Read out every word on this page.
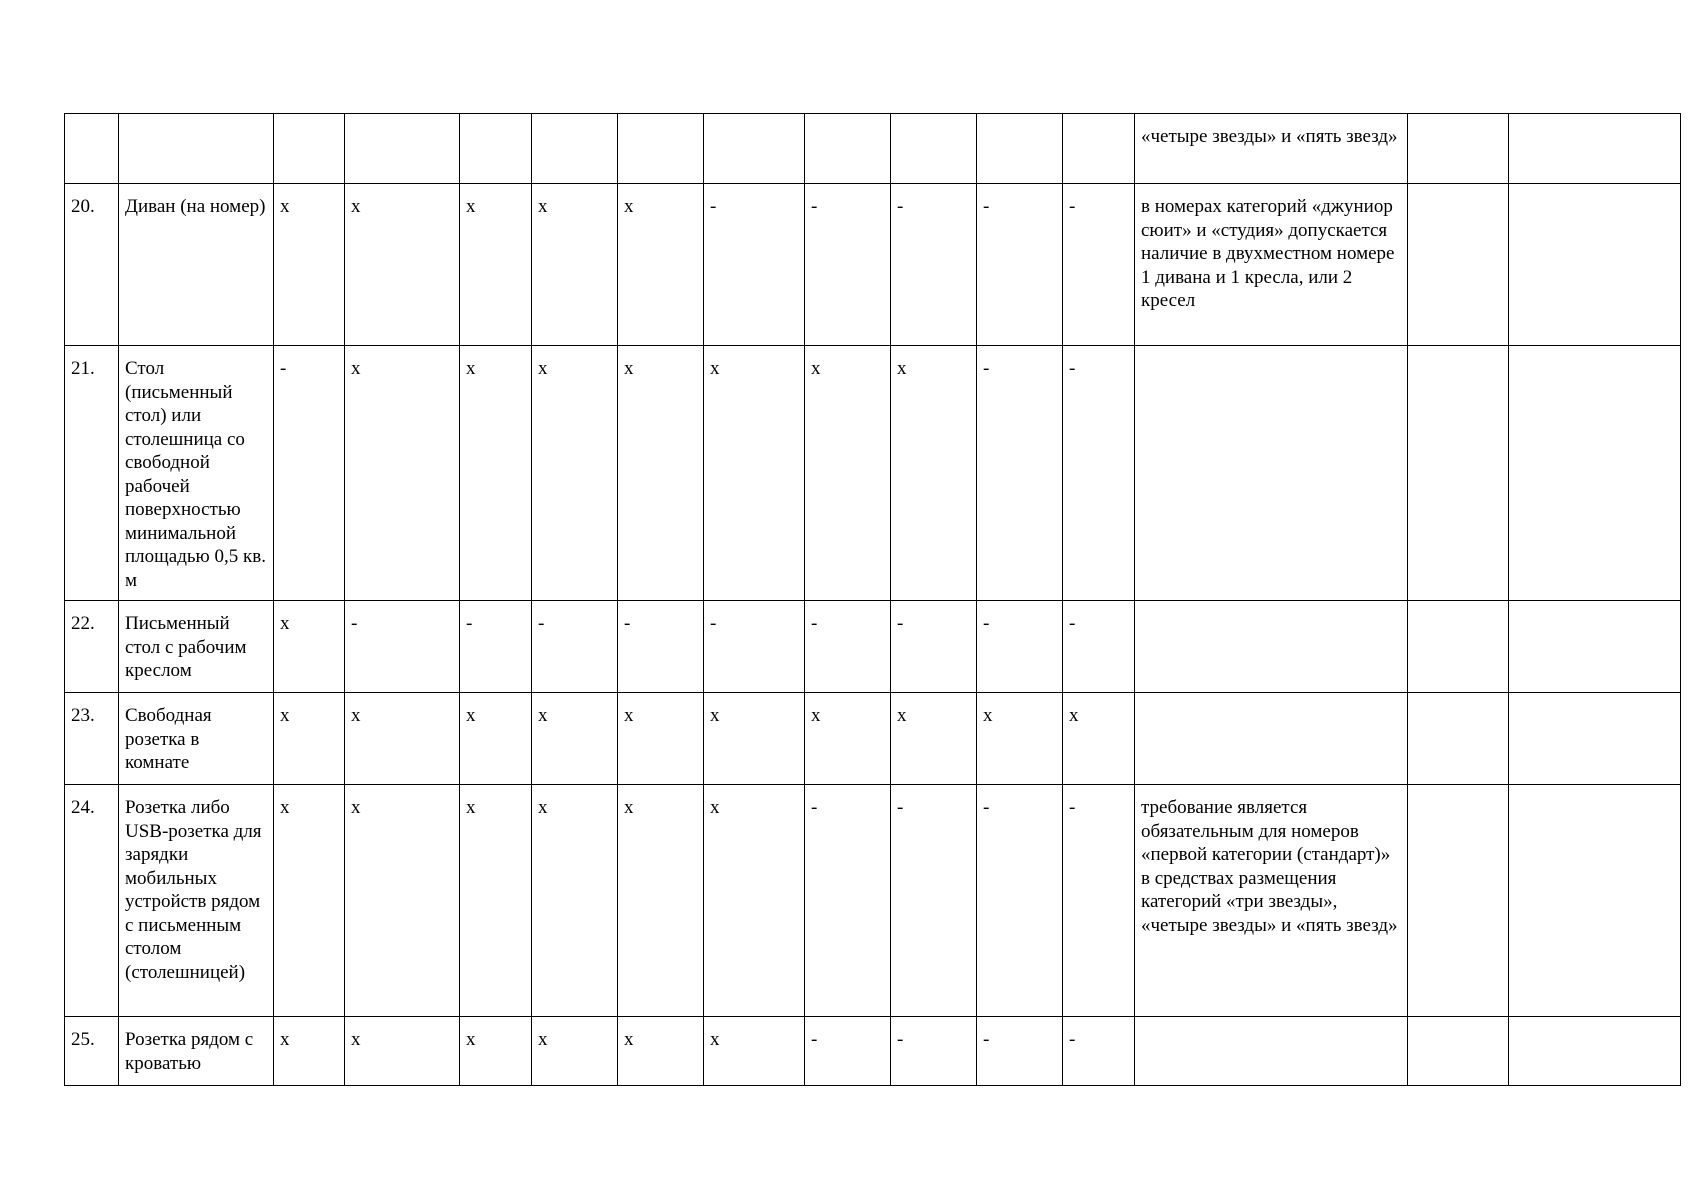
												«четыре звезды» и «пять звезд»		
20.	Диван (на номер)	х	х	х	х	х	-	-	-	-	-	в номерах категорий «джуниор сюит» и «студия» допускается наличие в двухместном номере 1 дивана и 1 кресла, или 2 кресел		
21.	Стол (письменный стол) или столешница со свободной рабочей поверхностью минимальной площадью 0,5 кв. м	-	х	х	х	х	х	х	х	-	-			
22.	Письменный стол с рабочим креслом	х	-	-	-	-	-	-	-	-	-			
23.	Свободная розетка в комнате	х	х	х	х	х	х	х	х	х	х			
24.	Розетка либо USB-розетка для зарядки мобильных устройств рядом с письменным столом (столешницей)	х	х	х	х	х	х	-	-	-	-	требование является обязательным для номеров «первой категории (стандарт)» в средствах размещения категорий «три звезды», «четыре звезды» и «пять звезд»		
25.	Розетка рядом с кроватью	х	х	х	х	х	х	-	-	-	-			
